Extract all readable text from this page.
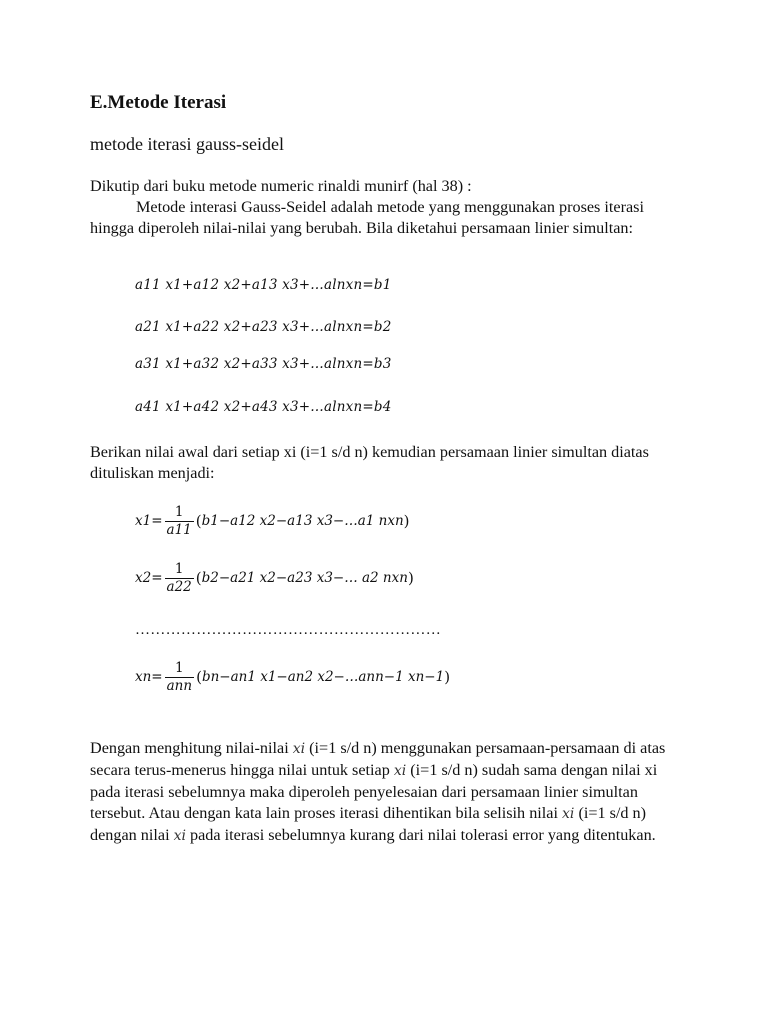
E.Metode Iterasi
metode iterasi gauss-seidel
Dikutip dari buku metode numeric rinaldi munirf (hal 38) :
Metode interasi Gauss-Seidel adalah metode yang menggunakan proses iterasi hingga diperoleh nilai-nilai yang berubah. Bila diketahui persamaan linier simultan:
a11 x1+a12 x2+a13 x3+…alnxn=b1
a21 x1+a22 x2+a23 x3+…alnxn=b2
a31 x1+a32 x2+a33 x3+…alnxn=b3
a41 x1+a42 x2+a43 x3+…alnxn=b4
Berikan nilai awal dari setiap xi (i=1 s/d n) kemudian persamaan linier simultan diatas dituliskan menjadi:
$x1= \frac{1}{a11}$ ( b1−a12 x2−a13 x3−…a1 nxn )
$x2= \frac{1}{a22}$ ( b2−a21 x2−a23 x3−… a2 nxn )
……………………………………………………
$xn= \frac{1}{\text{ann}}$ ( bn−an1 x1−an2 x2−…ann−1 xn−1 )
Dengan menghitung nilai-nilai xi (i=1 s/d n) menggunakan persamaan-persamaan di atas secara terus-menerus hingga nilai untuk setiap xi (i=1 s/d n) sudah sama dengan nilai xi pada iterasi sebelumnya maka diperoleh penyelesaian dari persamaan linier simultan tersebut. Atau dengan kata lain proses iterasi dihentikan bila selisih nilai xi (i=1 s/d n) dengan nilai xi pada iterasi sebelumnya kurang dari nilai tolerasi error yang ditentukan.
